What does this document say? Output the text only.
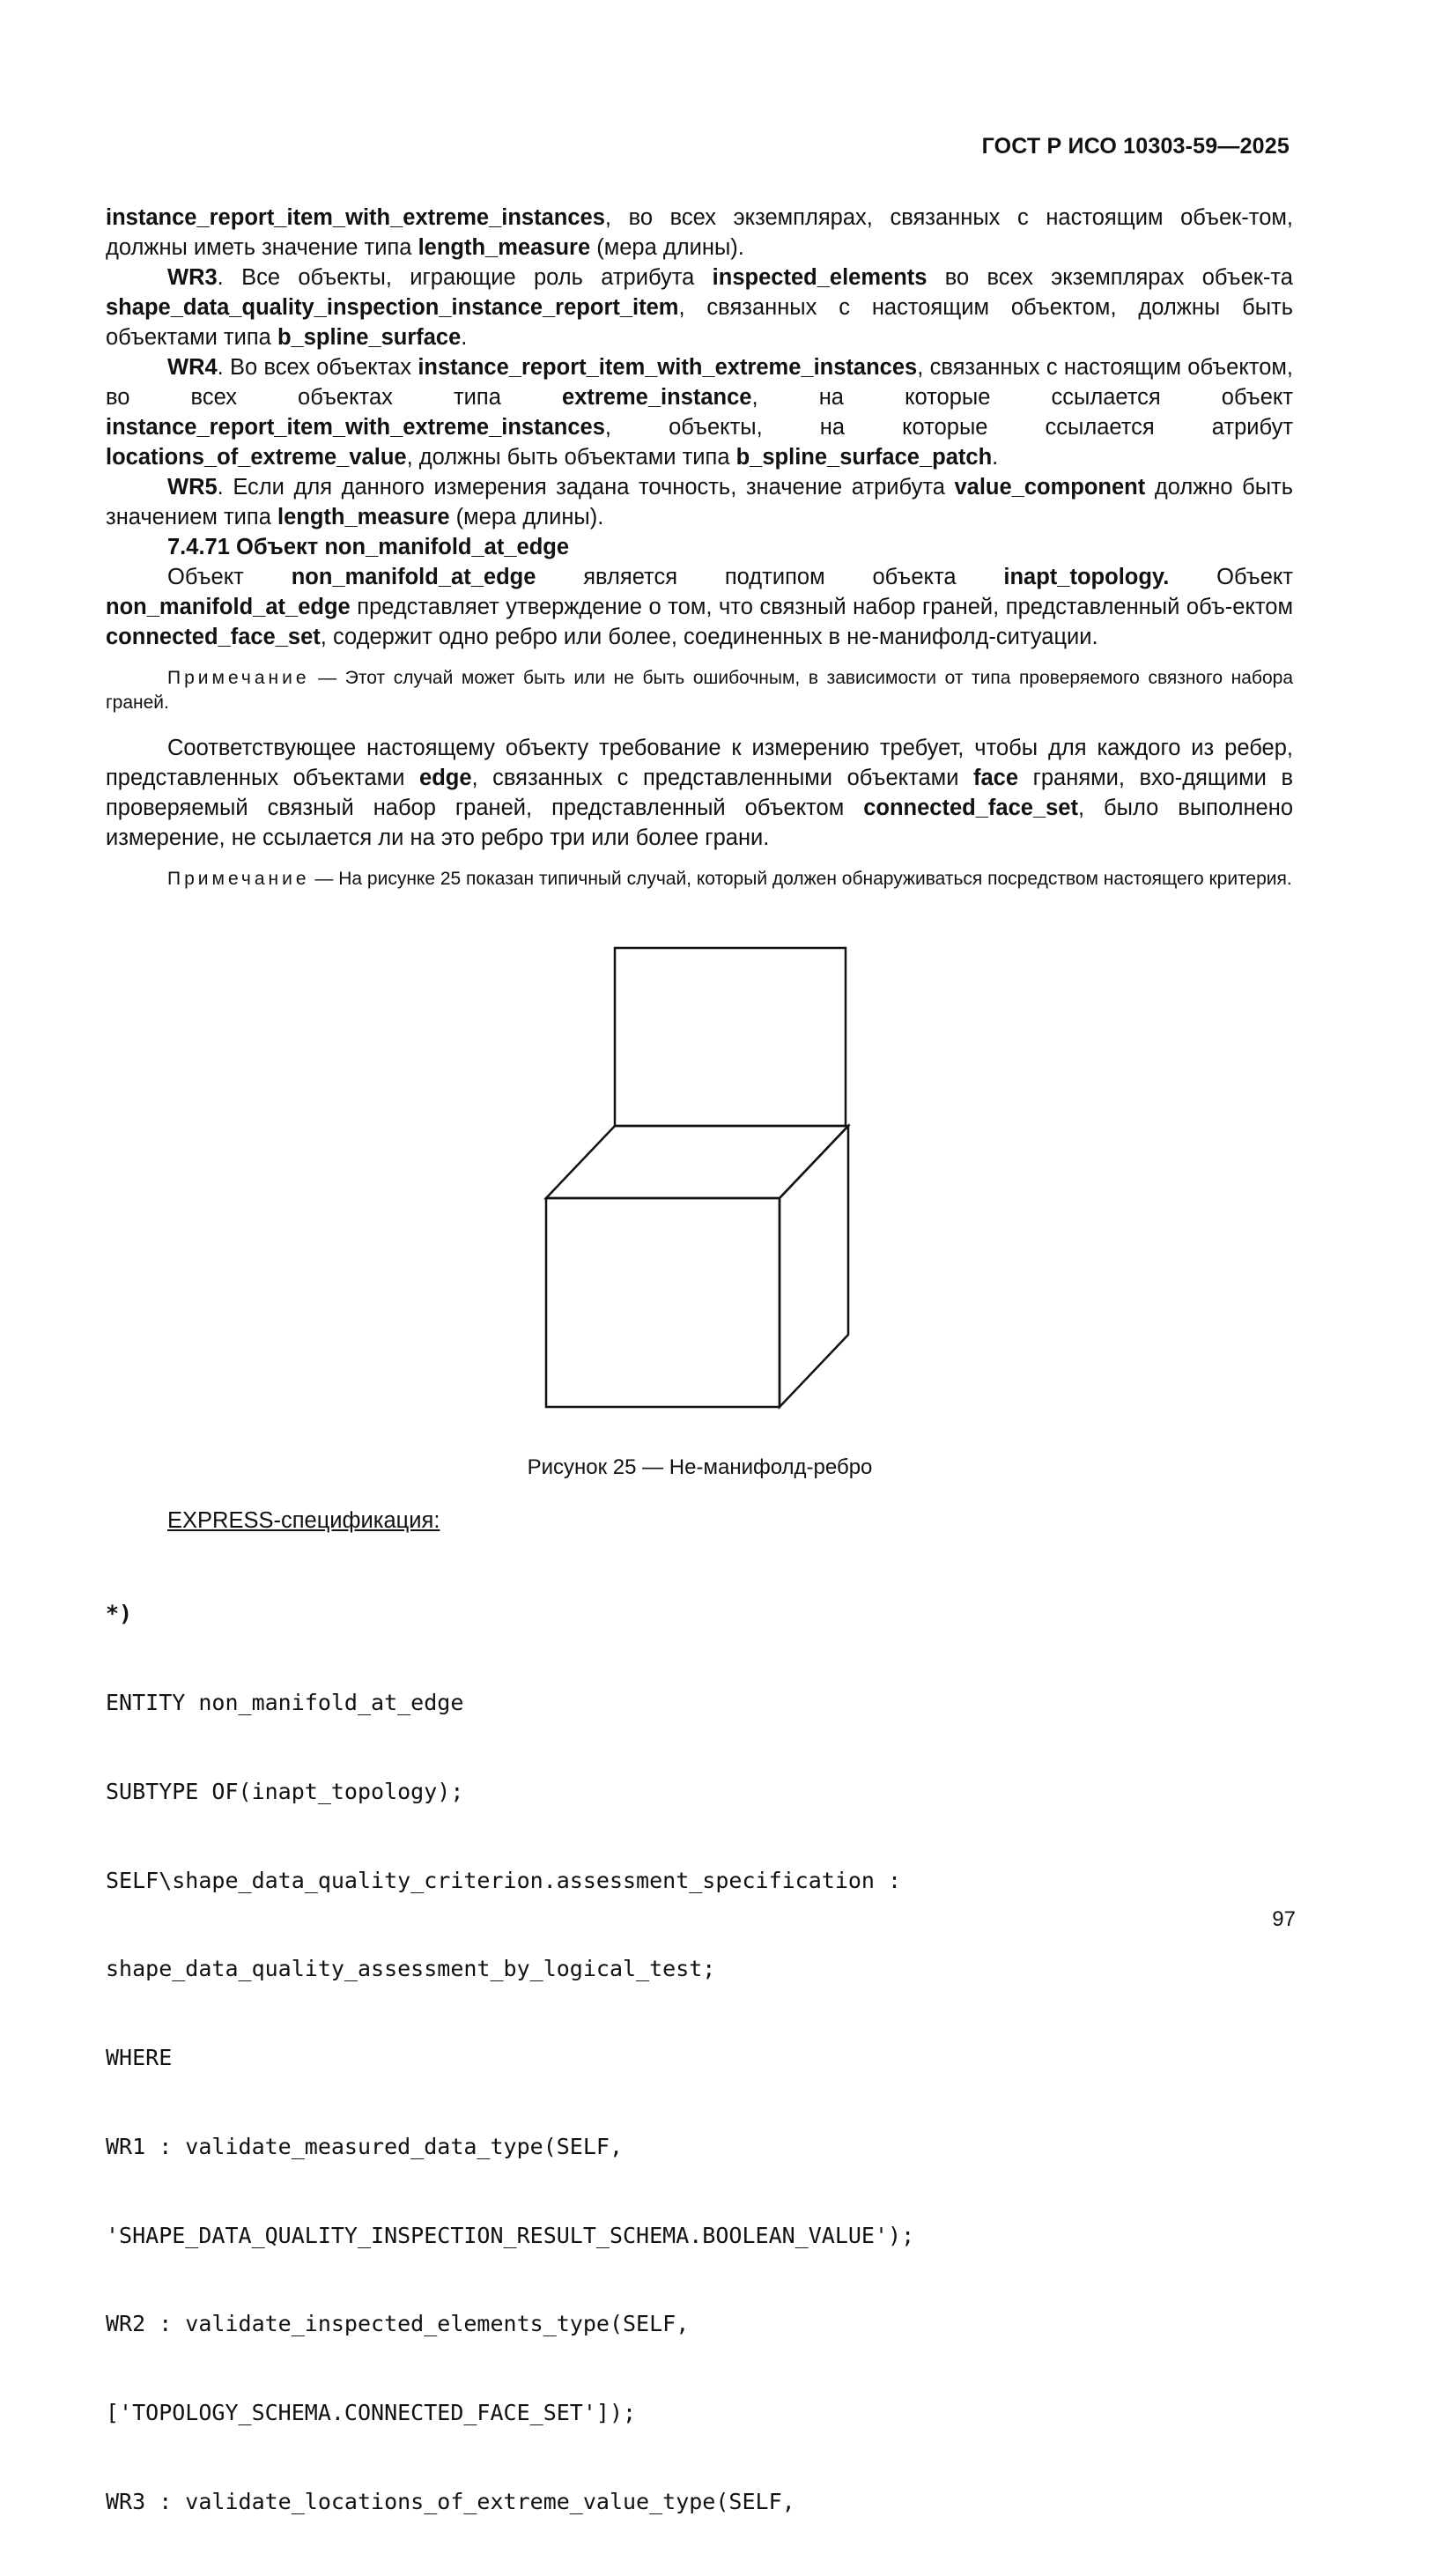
ГОСТ Р ИСО 10303-59—2025

instance_report_item_with_extreme_instances, во всех экземплярах, связанных с настоящим объек-том, должны иметь значение типа length_measure (мера длины).

WR3. Все объекты, играющие роль атрибута inspected_elements во всех экземплярах объек-та shape_data_quality_inspection_instance_report_item, связанных с настоящим объектом, должны быть объектами типа b_spline_surface.

WR4. Во всех объектах instance_report_item_with_extreme_instances, связанных с настоящим объектом, во всех объектах типа extreme_instance, на которые ссылается объект instance_report_item_with_extreme_instances, объекты, на которые ссылается атрибут locations_of_extreme_value, должны быть объектами типа b_spline_surface_patch.

WR5. Если для данного измерения задана точность, значение атрибута value_component должно быть значением типа length_measure (мера длины).

7.4.71 Объект non_manifold_at_edge

Объект non_manifold_at_edge является подтипом объекта inapt_topology. Объект non_manifold_at_edge представляет утверждение о том, что связный набор граней, представленный объ-ектом connected_face_set, содержит одно ребро или более, соединенных в не-манифолд-ситуации.

Примечание — Этот случай может быть или не быть ошибочным, в зависимости от типа проверяемого связного набора граней.

Соответствующее настоящему объекту требование к измерению требует, чтобы для каждого из ребер, представленных объектами edge, связанных с представленными объектами face гранями, вхо-дящими в проверяемый связный набор граней, представленный объектом connected_face_set, было выполнено измерение, не ссылается ли на это ребро три или более грани.

Примечание — На рисунке 25 показан типичный случай, который должен обнаруживаться посредством настоящего критерия.

Рисунок 25 — Не-манифолд-ребро
EXPRESS-спецификация:

*)

ENTITY non_manifold_at_edge

SUBTYPE OF(inapt_topology);

SELF\shape_data_quality_criterion.assessment_specification :

shape_data_quality_assessment_by_logical_test;

WHERE

WR1 : validate_measured_data_type(SELF,

'SHAPE_DATA_QUALITY_INSPECTION_RESULT_SCHEMA.BOOLEAN_VALUE');

WR2 : validate_inspected_elements_type(SELF,

['TOPOLOGY_SCHEMA.CONNECTED_FACE_SET']);

WR3 : validate_locations_of_extreme_value_type(SELF,

97
